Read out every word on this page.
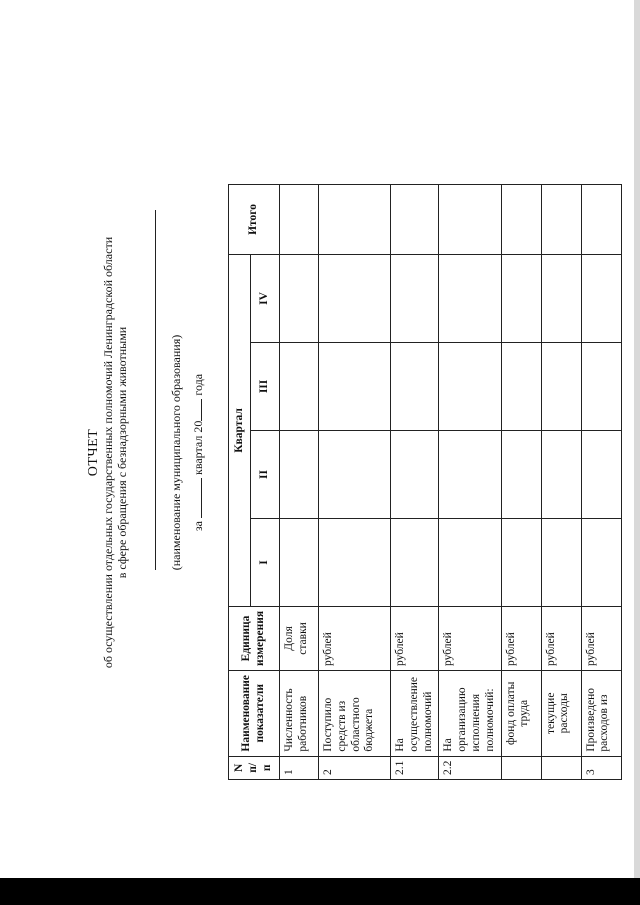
ОТЧЕТ об осуществлении отдельных государственных полномочий Ленинградской области в сфере обращения с безнадзорными животными	(наименование муниципального образования) за  квартал 20 года
N п/п	Наименование показатели	Единица измерения	Квартал				Итого
			I	II	III	IV	
1	Численность работников	Доля ставки					
2	Поступило средств из областного бюджета	рублей					
2.1	На осуществление полномочий	рублей					
2.2	На организацию исполнения полномочий:	рублей					
	фонд оплаты труда	рублей					
	текущие расходы	рублей					
3	Произведено расходов из	рублей					
